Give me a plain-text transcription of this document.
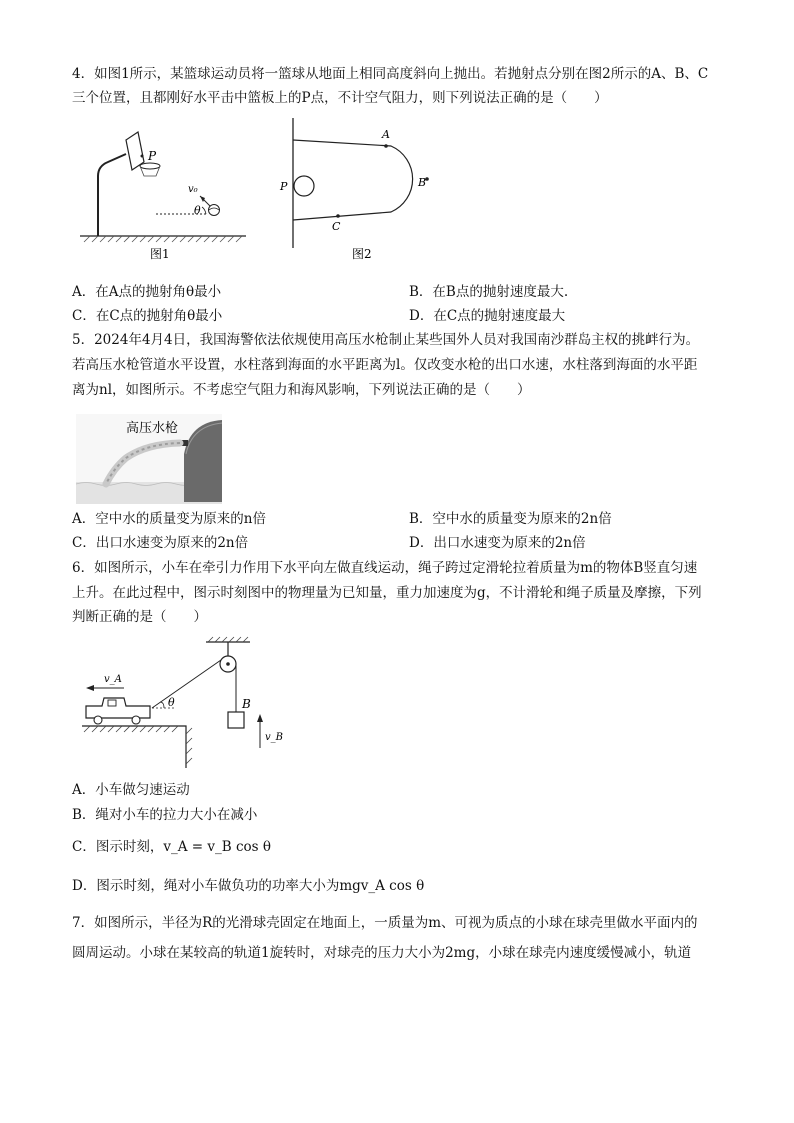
4．如图1所示，某篮球运动员将一篮球从地面上相同高度斜向上抛出。若抛射点分别在图2所示的A、B、C
三个位置，且都刚好水平击中篮板上的P点，不计空气阻力，则下列说法正确的是（　　）
P
v₀
θ
图1
A
B
C
P
图2
A．在A点的抛射角θ最小	B．在B点的抛射速度最大.
C．在C点的抛射角θ最小	D．在C点的抛射速度最大
5．2024年4月4日，我国海警依法依规使用高压水枪制止某些国外人员对我国南沙群岛主权的挑衅行为。
若高压水枪管道水平设置，水柱落到海面的水平距离为l。仅改变水枪的出口水速，水柱落到海面的水平距
离为nl，如图所示。不考虑空气阻力和海风影响，下列说法正确的是（　　）
高压水枪
A．空中水的质量变为原来的n倍	B．空中水的质量变为原来的2n倍
C．出口水速变为原来的2n倍	D．出口水速变为原来的2n倍
6．如图所示，小车在牵引力作用下水平向左做直线运动，绳子跨过定滑轮拉着质量为m的物体B竖直匀速
上升。在此过程中，图示时刻图中的物理量为已知量，重力加速度为g，不计滑轮和绳子质量及摩擦，下列
判断正确的是（　　）
B
v_B
θ
v_A
A．小车做匀速运动
B．绳对小车的拉力大小在减小
C．图示时刻，v_A = v_B cos θ
D．图示时刻，绳对小车做负功的功率大小为mgv_A cos θ
7．如图所示，半径为R的光滑球壳固定在地面上，一质量为m、可视为质点的小球在球壳里做水平面内的
圆周运动。小球在某较高的轨道1旋转时，对球壳的压力大小为2mg，小球在球壳内速度缓慢减小，轨道
